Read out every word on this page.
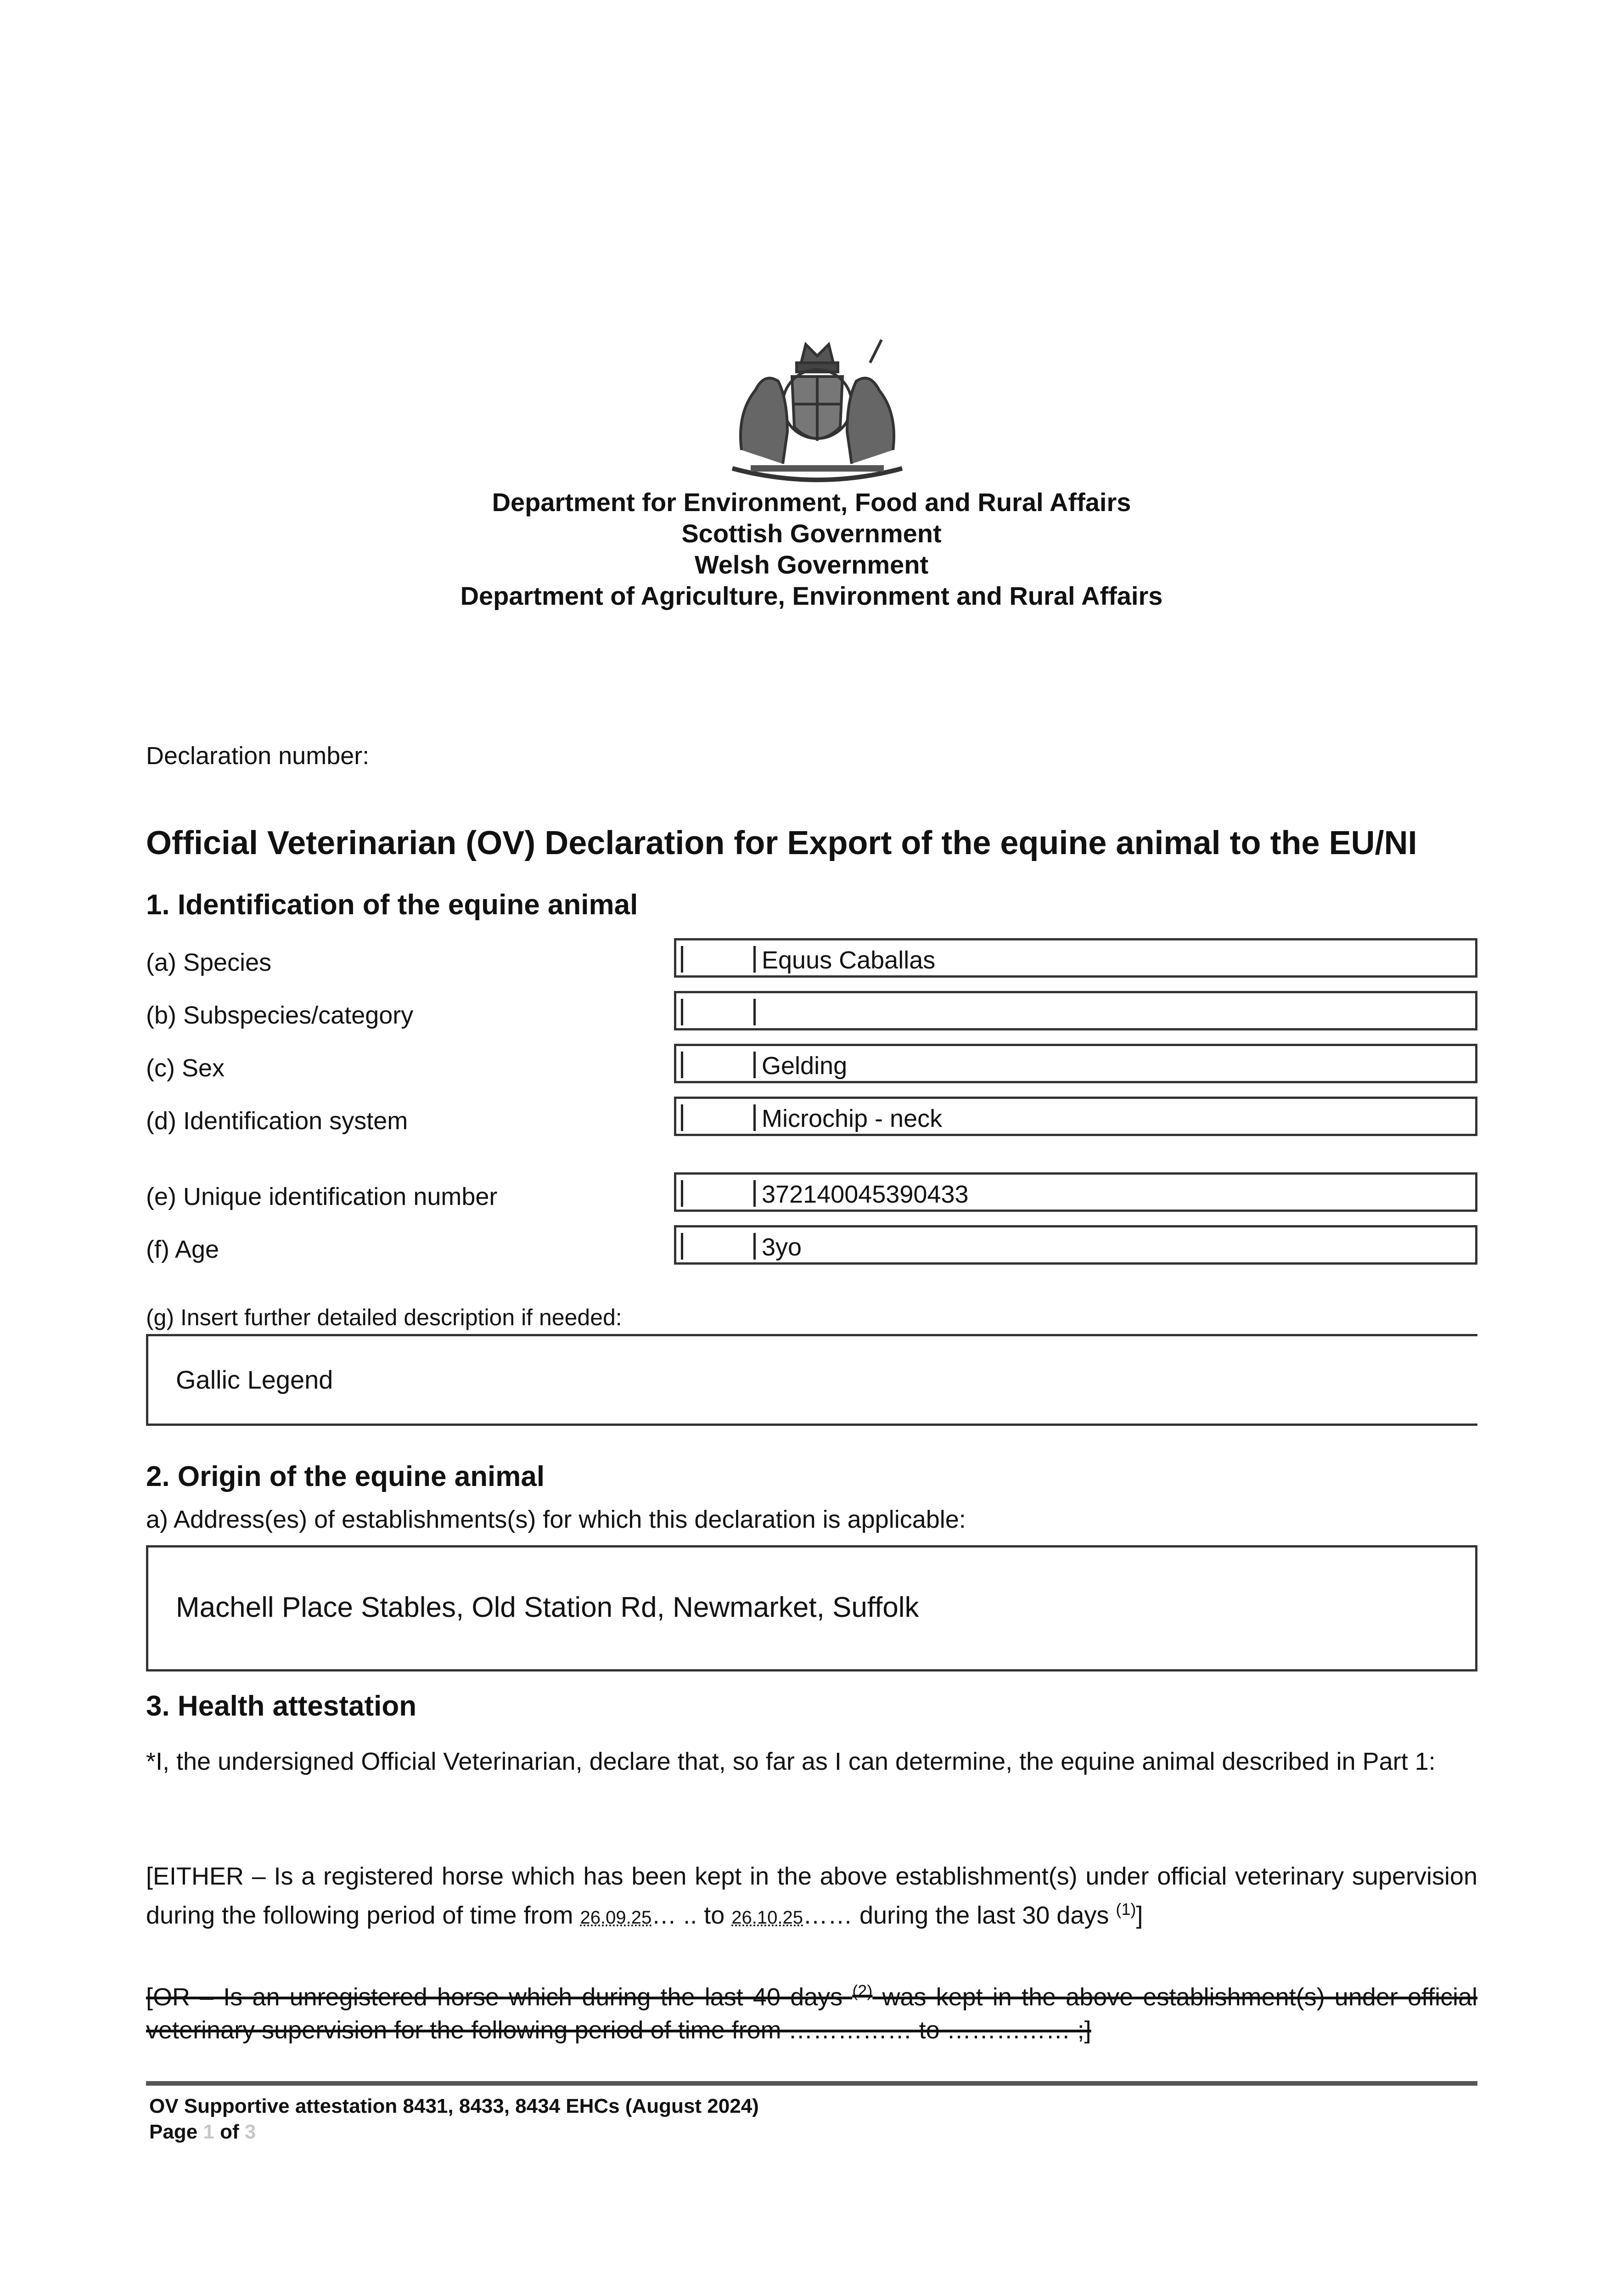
Department for Environment, Food and Rural Affairs
Scottish Government
Welsh Government
Department of Agriculture, Environment and Rural Affairs
Declaration number:
Official Veterinarian (OV) Declaration for Export of the equine animal to the EU/NI
1. Identification of the equine animal
(a) Species	Equus Caballas
(b) Subspecies/category
(c) Sex	Gelding
(d) Identification system	Microchip - neck
(e) Unique identification number	372140045390433
(f) Age	3yo
(g) Insert further detailed description if needed:
Gallic Legend
2. Origin of the equine animal
a) Address(es) of establishments(s) for which this declaration is applicable:
Machell Place Stables, Old Station Rd, Newmarket, Suffolk
3. Health attestation
*I, the undersigned Official Veterinarian, declare that, so far as I can determine, the equine animal described in Part 1:
[EITHER – Is a registered horse which has been kept in the above establishment(s) under official veterinary supervision during the following period of time from 26.09.25… .. to 26.10.25…… during the last 30 days $^{(1)}$]
[OR – Is an unregistered horse which during the last 40 days $^{(2)}$ was kept in the above establishment(s) under official veterinary supervision for the following period of time from …………… to …………… ;]
OV Supportive attestation 8431, 8433, 8434 EHCs (August 2024)
Page 1 of 3
